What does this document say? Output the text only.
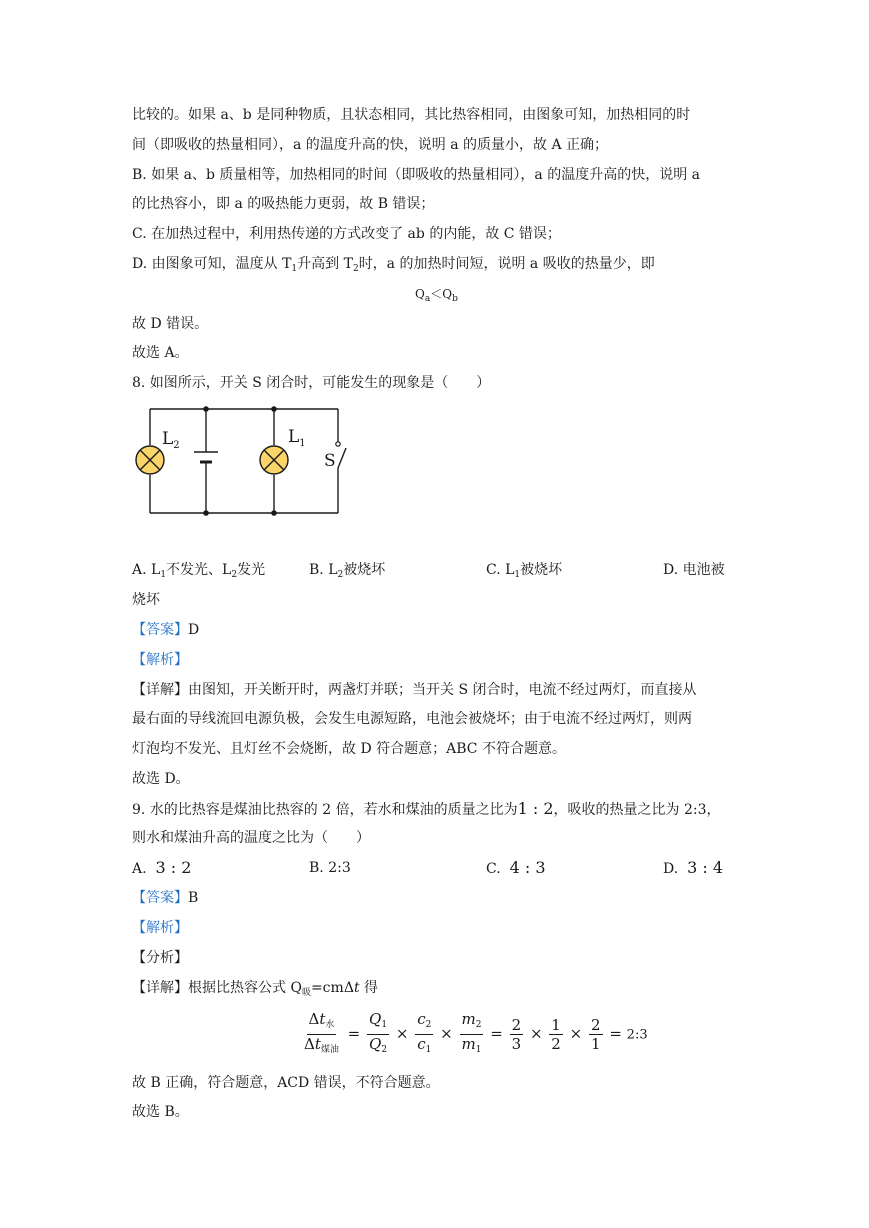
比较的。如果 a、b 是同种物质，且状态相同，其比热容相同，由图象可知，加热相同的时
间（即吸收的热量相同），a 的温度升高的快，说明 a 的质量小，故 A 正确；
B. 如果 a、b 质量相等，加热相同的时间（即吸收的热量相同），a 的温度升高的快，说明 a
的比热容小，即 a 的吸热能力更弱，故 B 错误；
C. 在加热过程中，利用热传递的方式改变了 ab 的内能，故 C 错误；
D. 由图象可知，温度从 $T_1$升高到 $T_2$时，a 的加热时间短，说明 a 吸收的热量少，即
$Q_a<Q_b$
故 D 错误。
故选 A。
8. 如图所示，开关 S 闭合时，可能发生的现象是（　　）
$L_2$	$L_1$
S
A. $L_1$不发光、$L_2$发光	B. $L_2$被烧坏	C. $L_1$被烧坏	D. 电池被
烧坏
【答案】D
【解析】
【详解】由图知，开关断开时，两盏灯并联；当开关 S 闭合时，电流不经过两灯，而直接从
最右面的导线流回电源负极，会发生电源短路，电池会被烧坏；由于电流不经过两灯，则两
灯泡均不发光、且灯丝不会烧断，故 D 符合题意；ABC 不符合题意。
故选 D。
9. 水的比热容是煤油比热容的 2 倍，若水和煤油的质量之比为1 : 2，吸收的热量之比为 2:3，
则水和煤油升高的温度之比为（　　）
A. 3 : 2	B. 2:3	C. 4 : 3	D. 3 : 4
【答案】B
【解析】
【分析】
【详解】根据比热容公式 $Q_吸=cm\Delta t$ 得
$\frac{\Delta t_水}{\Delta t_{煤油}} = \frac{Q_1}{Q_2} \times \frac{c_2}{c_1} \times \frac{m_2}{m_1} = \frac{2}{3} \times \frac{1}{2} \times \frac{2}{1}$ = 2:3
故 B 正确，符合题意，ACD 错误，不符合题意。
故选 B。
